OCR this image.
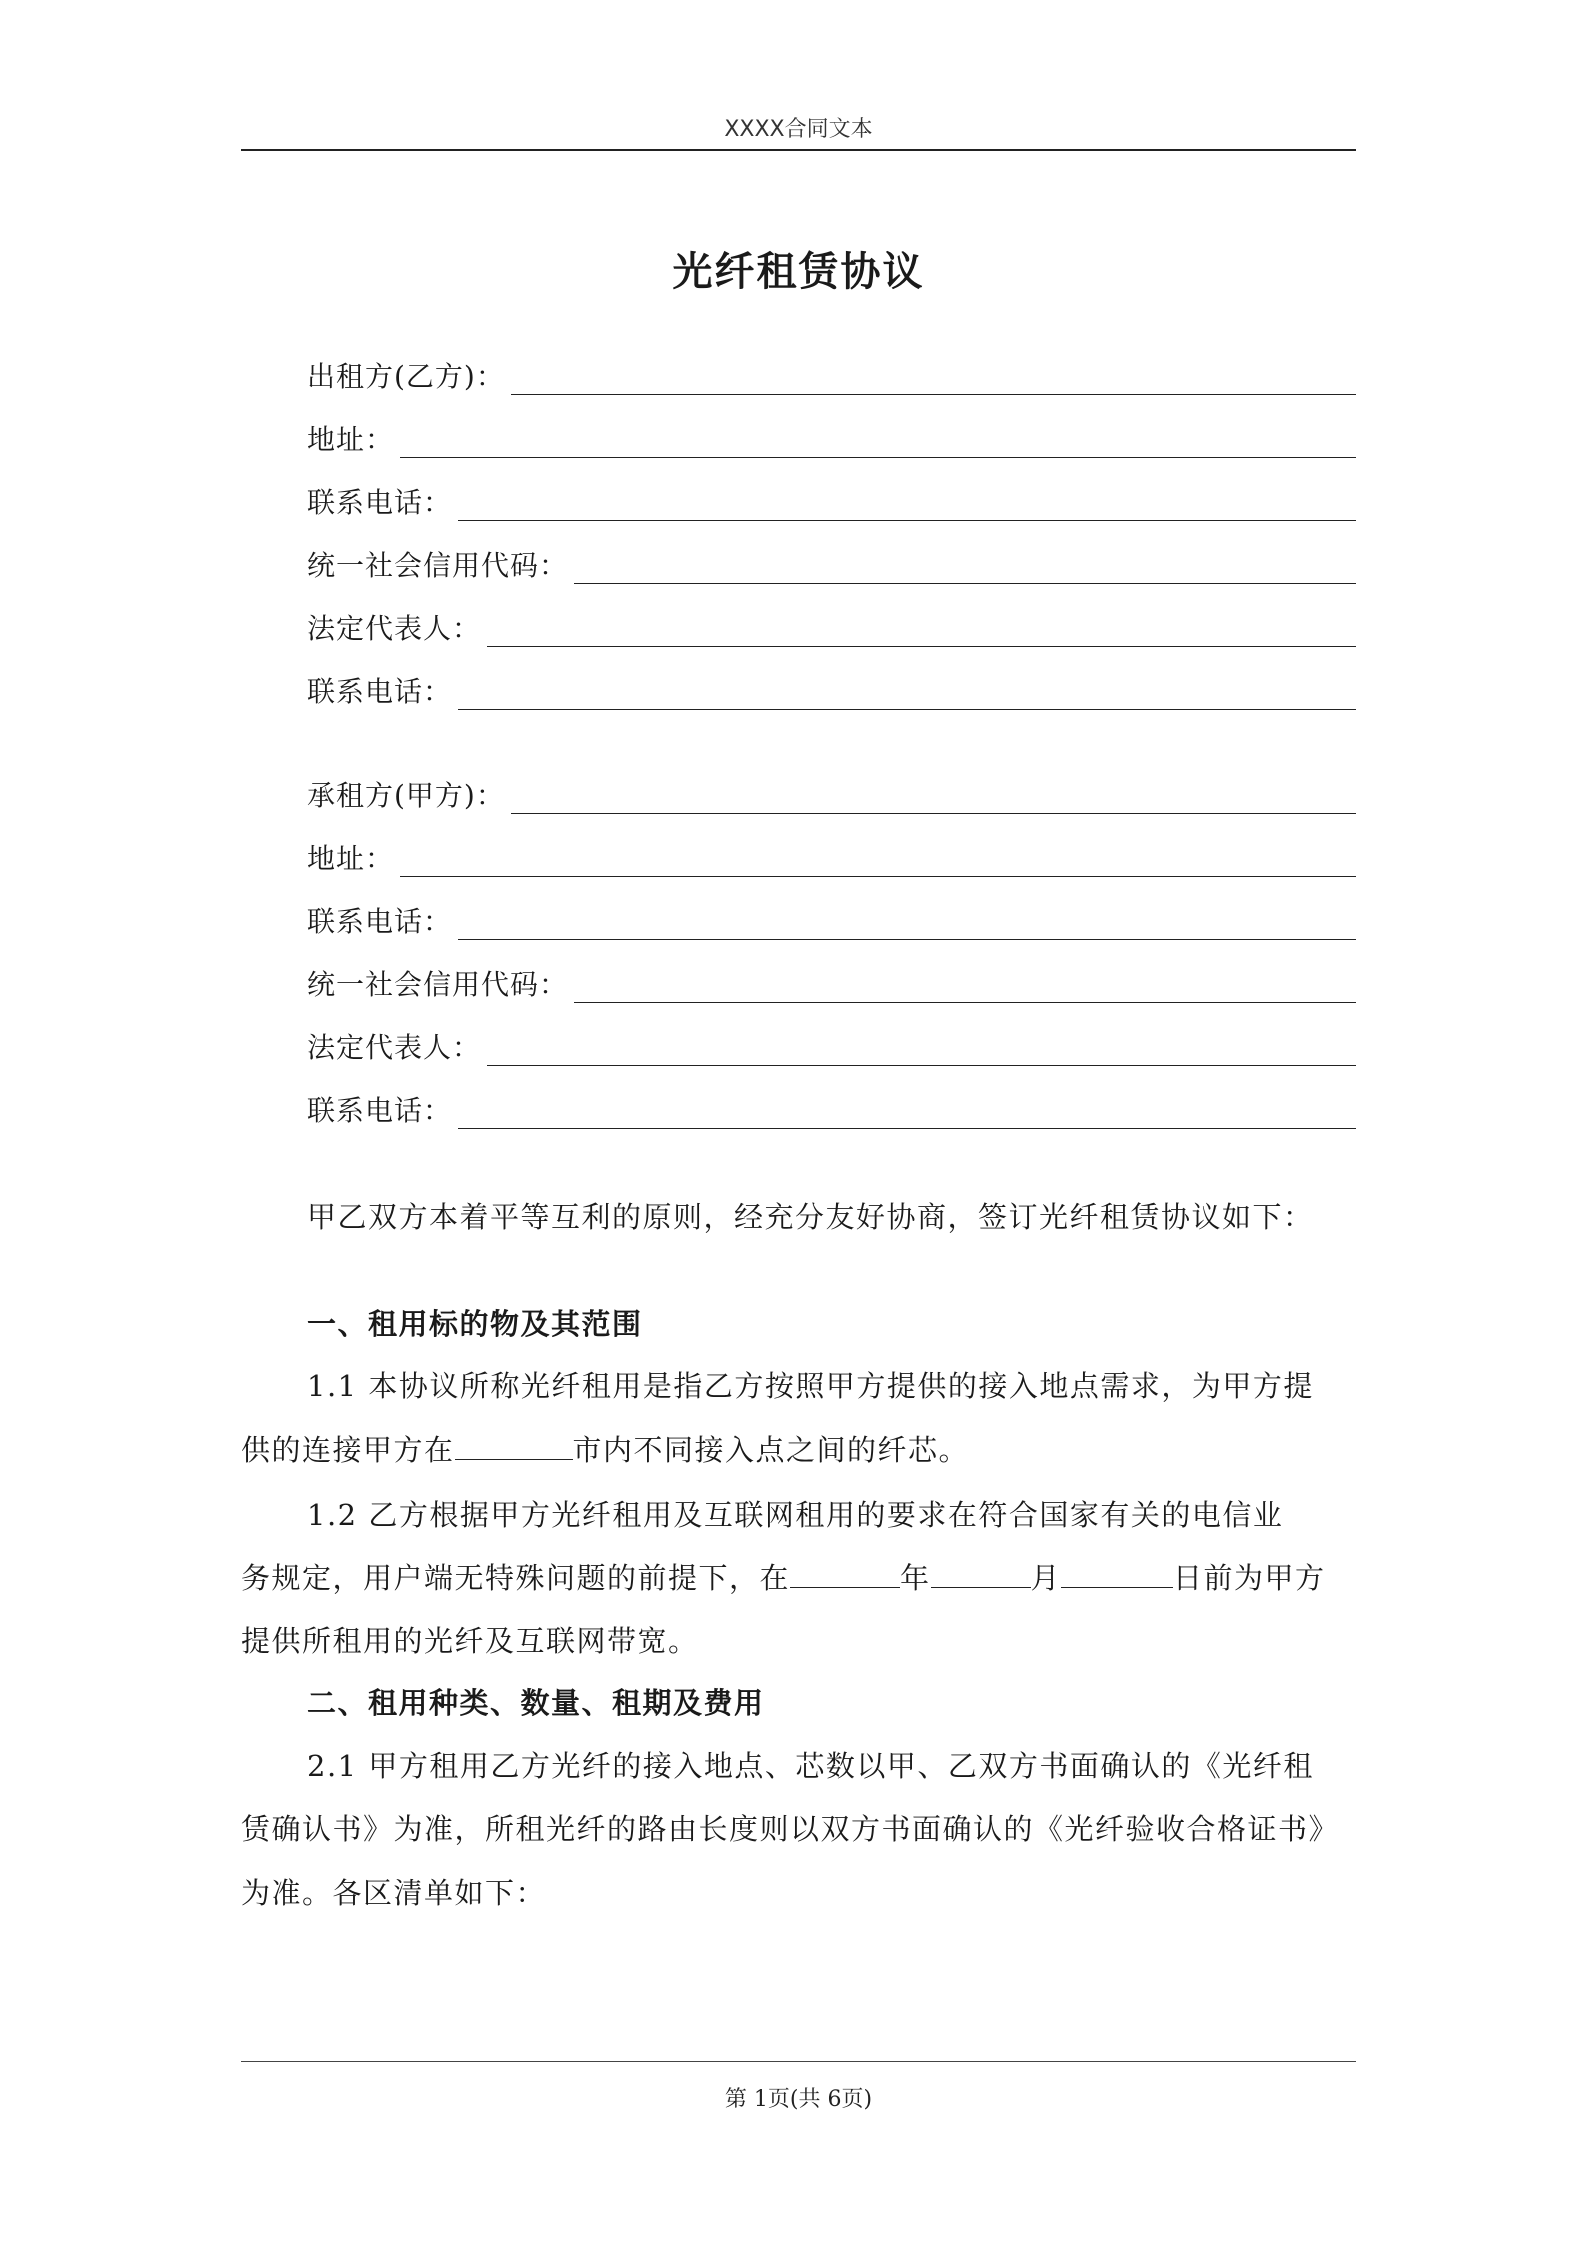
XXXX合同文本
光纤租赁协议
出租方(乙方)：
地址：
联系电话：
统一社会信用代码：
法定代表人：
联系电话：
承租方(甲方)：
地址：
联系电话：
统一社会信用代码：
法定代表人：
联系电话：
甲乙双方本着平等互利的原则，经充分友好协商，签订光纤租赁协议如下：
一、租用标的物及其范围
1.1 本协议所称光纤租用是指乙方按照甲方提供的接入地点需求，为甲方提
供的连接甲方在	市内不同接入点之间的纤芯。
1.2 乙方根据甲方光纤租用及互联网租用的要求在符合国家有关的电信业
务规定，用户端无特殊问题的前提下，在	年	月	日前为甲方
提供所租用的光纤及互联网带宽。
二、租用种类、数量、租期及费用
2.1 甲方租用乙方光纤的接入地点、芯数以甲、乙双方书面确认的《光纤租
赁确认书》为准，所租光纤的路由长度则以双方书面确认的《光纤验收合格证书》
为准。各区清单如下：
第 1页(共 6页)
